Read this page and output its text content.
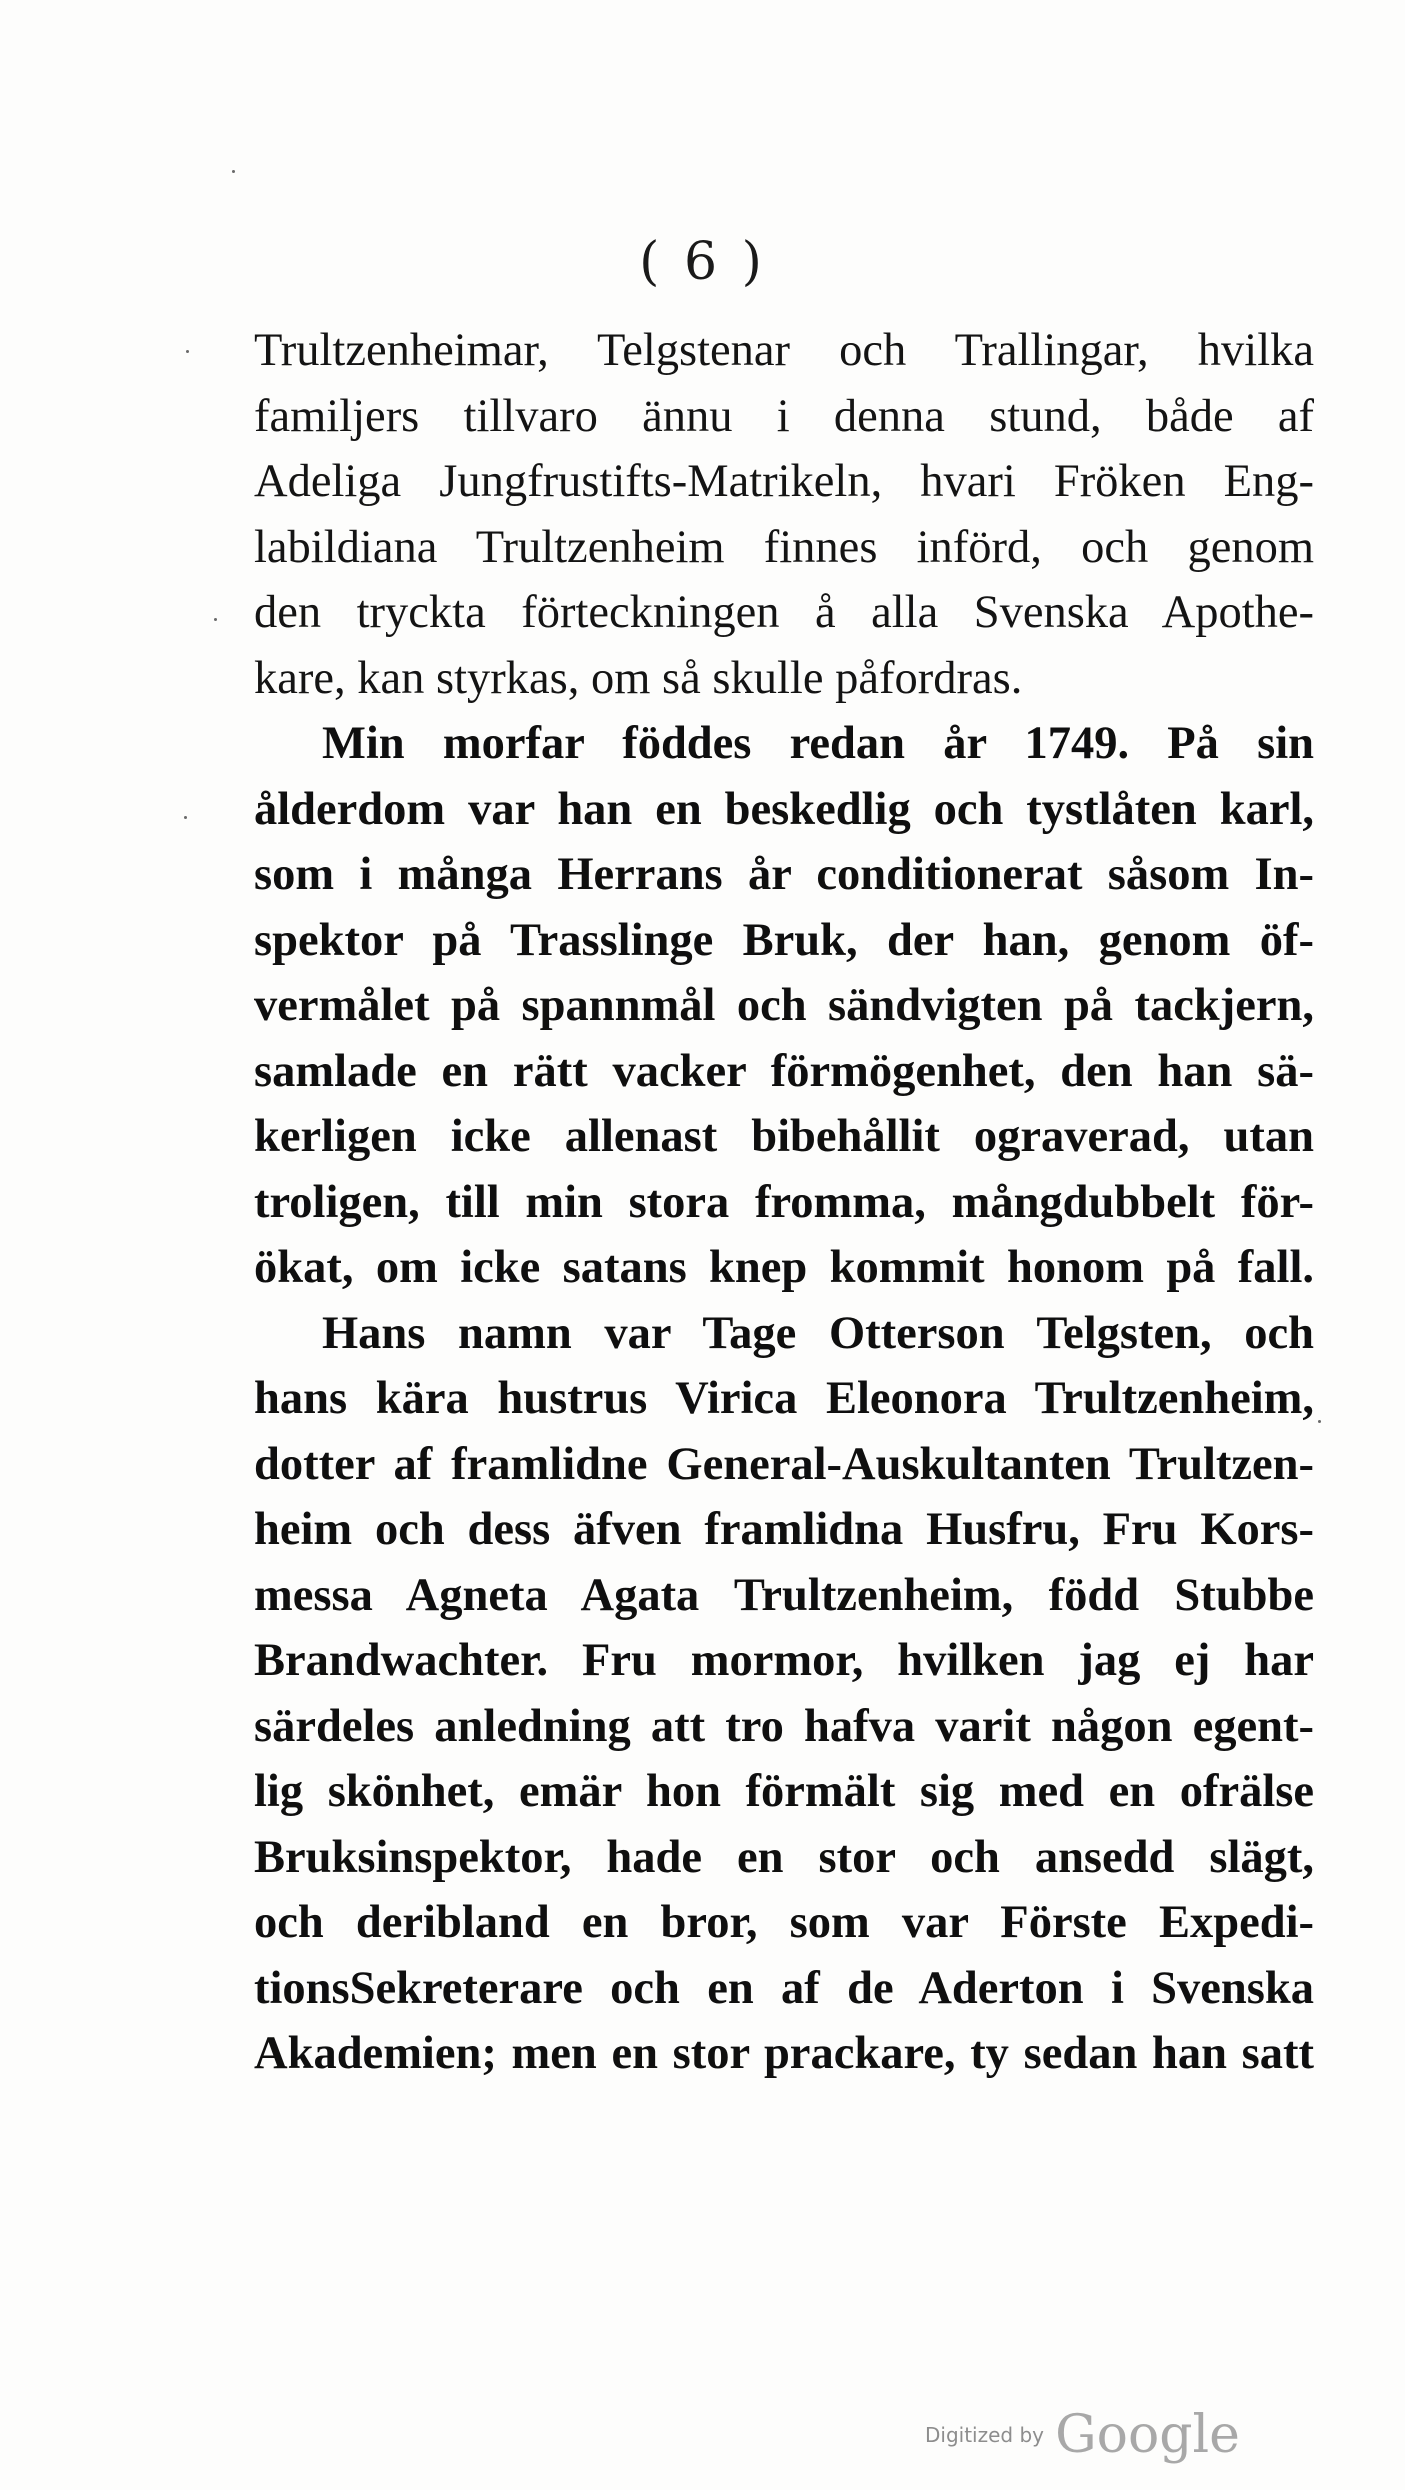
( 6 )
Trultzenheimar, Telgstenar och Trallingar, hvilka
familjers tillvaro ännu i denna stund, både af
Adeliga Jungfrustifts-Matrikeln, hvari Fröken Eng-
labildiana Trultzenheim finnes införd, och genom
den tryckta förteckningen å alla Svenska Apothe-
kare, kan styrkas, om så skulle påfordras.
Min morfar föddes redan år 1749. På sin
ålderdom var han en beskedlig och tystlåten karl,
som i många Herrans år conditionerat såsom In-
spektor på Trasslinge Bruk, der han, genom öf-
vermålet på spannmål och sändvigten på tackjern,
samlade en rätt vacker förmögenhet, den han sä-
kerligen icke allenast bibehållit ograverad, utan
troligen, till min stora fromma, mångdubbelt för-
ökat, om icke satans knep kommit honom på fall.
Hans namn var Tage Otterson Telgsten, och
hans kära hustrus Virica Eleonora Trultzenheim,
dotter af framlidne General-Auskultanten Trultzen-
heim och dess äfven framlidna Husfru, Fru Kors-
messa Agneta Agata Trultzenheim, född Stubbe
Brandwachter. Fru mormor, hvilken jag ej har
särdeles anledning att tro hafva varit någon egent-
lig skönhet, emär hon förmält sig med en ofrälse
Bruksinspektor, hade en stor och ansedd slägt,
och deribland en bror, som var Förste Expedi-
tionsSekreterare och en af de Aderton i Svenska
Akademien; men en stor prackare, ty sedan han satt
Digitized by Google
